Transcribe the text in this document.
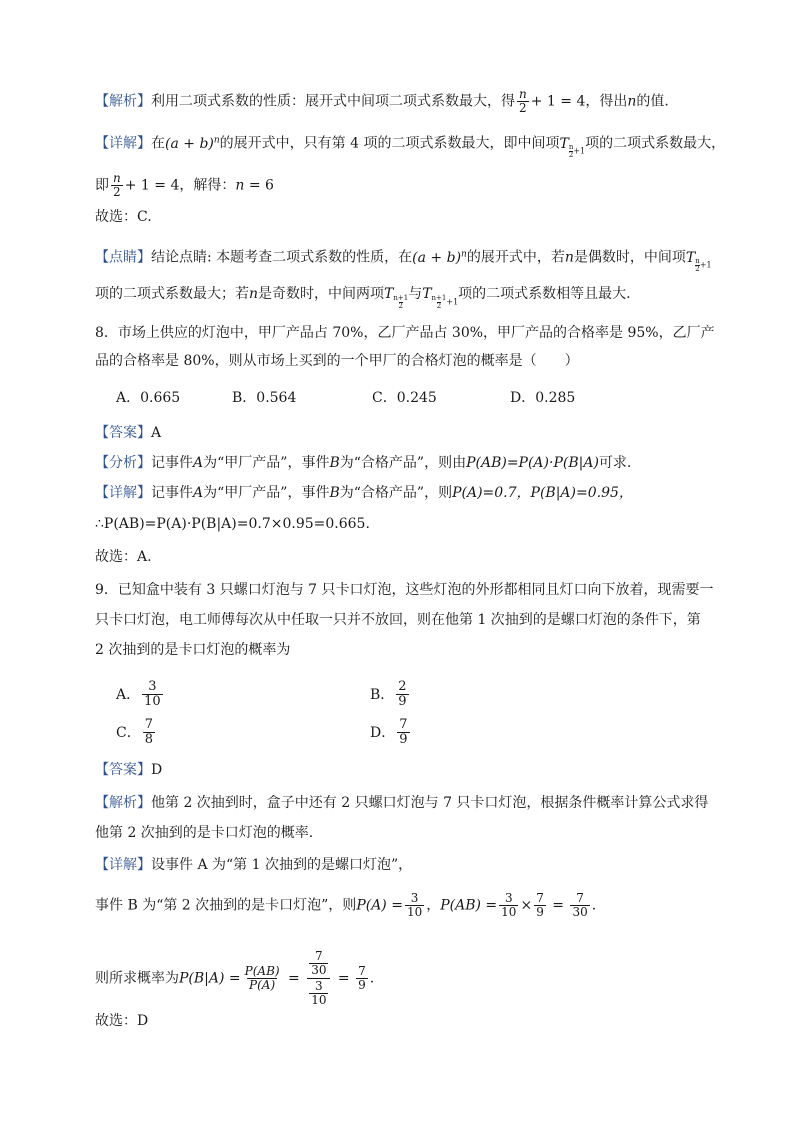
【解析】利用二项式系数的性质：展开式中间项二项式系数最大，得 $\frac{n}{2} + 1 = 4$，得出n的值.
【详解】在$(a + b)^n$的展开式中，只有第 4 项的二项式系数最大，即中间项T $\frac{n}{2} +1$项的二项式系数最大，
即 $\frac{n}{2} + 1 = 4$，解得：n = 6
故选：C.
【点睛】结论点睛: 本题考查二项式系数的性质，在$(a + b)^n$的展开式中，若n是偶数时，中间项T $\frac{n}{2} +1$
项的二项式系数最大；若n是奇数时，中间两项T $\frac{n+1}{2}$ 与T $\frac{n+1}{2} +1$项的二项式系数相等且最大.
8．市场上供应的灯泡中，甲厂产品占 70%，乙厂产品占 30%，甲厂产品的合格率是 95%，乙厂产
品的合格率是 80%，则从市场上买到的一个甲厂的合格灯泡的概率是（　　）
A．0.665	B．0.564	C．0.245	D．0.285
【答案】A
【分析】记事件A为“甲厂产品”，事件B为“合格产品”，则由P(AB)=P(A)·P(B|A)可求.
【详解】记事件A为“甲厂产品”，事件B为“合格产品”，则P(A)=0.7，P(B|A)=0.95，
∴P(AB)=P(A)·P(B|A)=0.7×0.95=0.665.
故选：A.
9．已知盒中装有 3 只螺口灯泡与 7 只卡口灯泡，这些灯泡的外形都相同且灯口向下放着，现需要一
只卡口灯泡，电工师傅每次从中任取一只并不放回，则在他第 1 次抽到的是螺口灯泡的条件下，第
2 次抽到的是卡口灯泡的概率为
A． $\frac{3}{10}$	B． $\frac{2}{9}$
C． $\frac{7}{8}$	D． $\frac{7}{9}$
【答案】D
【解析】他第 2 次抽到时，盒子中还有 2 只螺口灯泡与 7 只卡口灯泡，根据条件概率计算公式求得
他第 2 次抽到的是卡口灯泡的概率.
【详解】设事件 A 为“第 1 次抽到的是螺口灯泡”，
事件 B 为“第 2 次抽到的是卡口灯泡”，则$P(A) = \frac{3}{10}$ ，$P(AB) = \frac{3}{10} \times \frac{7}{9} = \frac{7}{30}$ .
则所求概率为$P(B|A) = \frac{P(AB)}{P(A)} = \frac{\frac{7}{30}}{\frac{3}{10}} = \frac{7}{9}$ .
故选：D
